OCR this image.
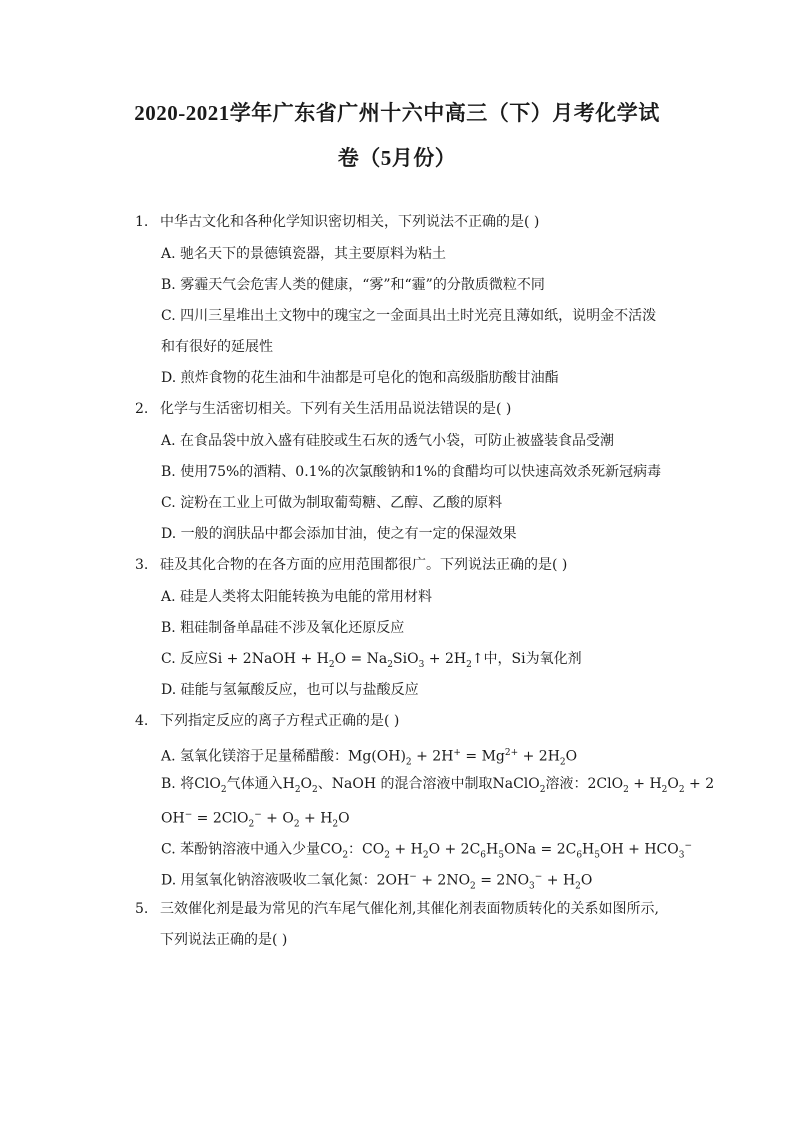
2020-2021学年广东省广州十六中高三（下）月考化学试
卷（5月份）
1. 中华古文化和各种化学知识密切相关，下列说法不正确的是( )
A. 驰名天下的景德镇瓷器，其主要原料为粘土
B. 雾霾天气会危害人类的健康，“雾”和“霾”的分散质微粒不同
C. 四川三星堆出土文物中的瑰宝之一金面具出土时光亮且薄如纸，说明金不活泼
和有很好的延展性
D. 煎炸食物的花生油和牛油都是可皂化的饱和高级脂肪酸甘油酯
2. 化学与生活密切相关。下列有关生活用品说法错误的是( )
A. 在食品袋中放入盛有硅胶或生石灰的透气小袋，可防止被盛装食品受潮
B. 使用75%的酒精、0.1%的次氯酸钠和1%的食醋均可以快速高效杀死新冠病毒
C. 淀粉在工业上可做为制取葡萄糖、乙醇、乙酸的原料
D. 一般的润肤品中都会添加甘油，使之有一定的保湿效果
3. 硅及其化合物的在各方面的应用范围都很广。下列说法正确的是( )
A. 硅是人类将太阳能转换为电能的常用材料
B. 粗硅制备单晶硅不涉及氧化还原反应
C. 反应Si + 2NaOH + $H_2O = Na_2SiO_3$ + $2H_2↑$中，Si为氧化剂
D. 硅能与氢氟酸反应，也可以与盐酸反应
4. 下列指定反应的离子方程式正确的是( )
A. 氢氧化镁溶于足量稀醋酸：$Mg(OH)_2 + 2H^+ = Mg^{2+} + 2H_2O$
B. 将ClO$_2$气体通入$H_2O_2$、NaOH 的混合溶液中制取NaClO$_2$溶液：$2ClO_2 + H_2O_2 + 2$
$OH^- = 2ClO_2^- + O_2 + H_2O$
C. 苯酚钠溶液中通入少量$CO_2$：$CO_2 + H_2O + 2C_6H_5ONa = 2C_6H_5OH + HCO_3^-$
D. 用氢氧化钠溶液吸收二氧化氮：$2OH^- + 2NO_2 = 2NO_3^- + H_2O$
5. 三效催化剂是最为常见的汽车尾气催化剂,其催化剂表面物质转化的关系如图所示,
下列说法正确的是( )
